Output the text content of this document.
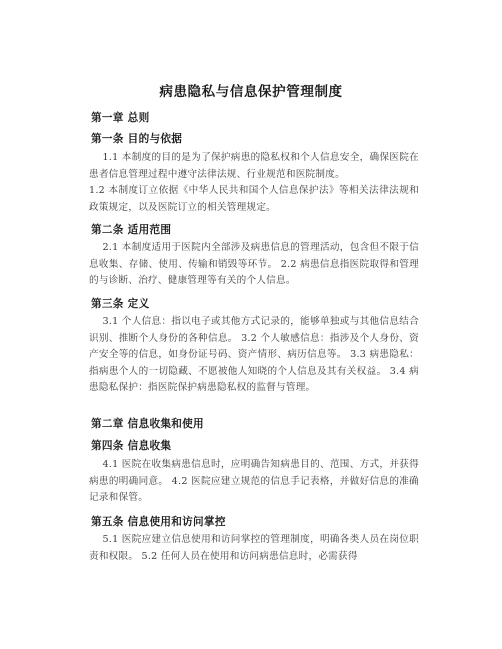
病患隐私与信息保护管理制度
第一章 总则
第一条 目的与依据

1.1 本制度的目的是为了保护病患的隐私权和个人信息安全，确保医院在患者信息管理过程中遵守法律法规、行业规范和医院制度。

1.2 本制度订立依据《中华人民共和国个人信息保护法》等相关法律法规和政策规定，以及医院订立的相关管理规定。

第二条 适用范围

2.1 本制度适用于医院内全部涉及病患信息的管理活动，包含但不限于信息收集、存储、使用、传输和销毁等环节。 2.2 病患信息指医院取得和管理的与诊断、治疗、健康管理等有关的个人信息。

第三条 定义

3.1 个人信息：指以电子或其他方式记录的，能够单独或与其他信息结合识别、推断个人身份的各种信息。 3.2 个人敏感信息：指涉及个人身份、资产安全等的信息，如身份证号码、资产情形、病历信息等。 3.3 病患隐私：指病患个人的一切隐藏、不愿被他人知晓的个人信息及其有关权益。 3.4 病患隐私保护：指医院保护病患隐私权的监督与管理。

第二章 信息收集和使用
第四条 信息收集

4.1 医院在收集病患信息时，应明确告知病患目的、范围、方式，并获得病患的明确同意。 4.2 医院应建立规范的信息手记表格，并做好信息的准确记录和保管。

第五条 信息使用和访问掌控

5.1 医院应建立信息使用和访问掌控的管理制度，明确各类人员在岗位职责和权限。 5.2 任何人员在使用和访问病患信息时，必需获得
